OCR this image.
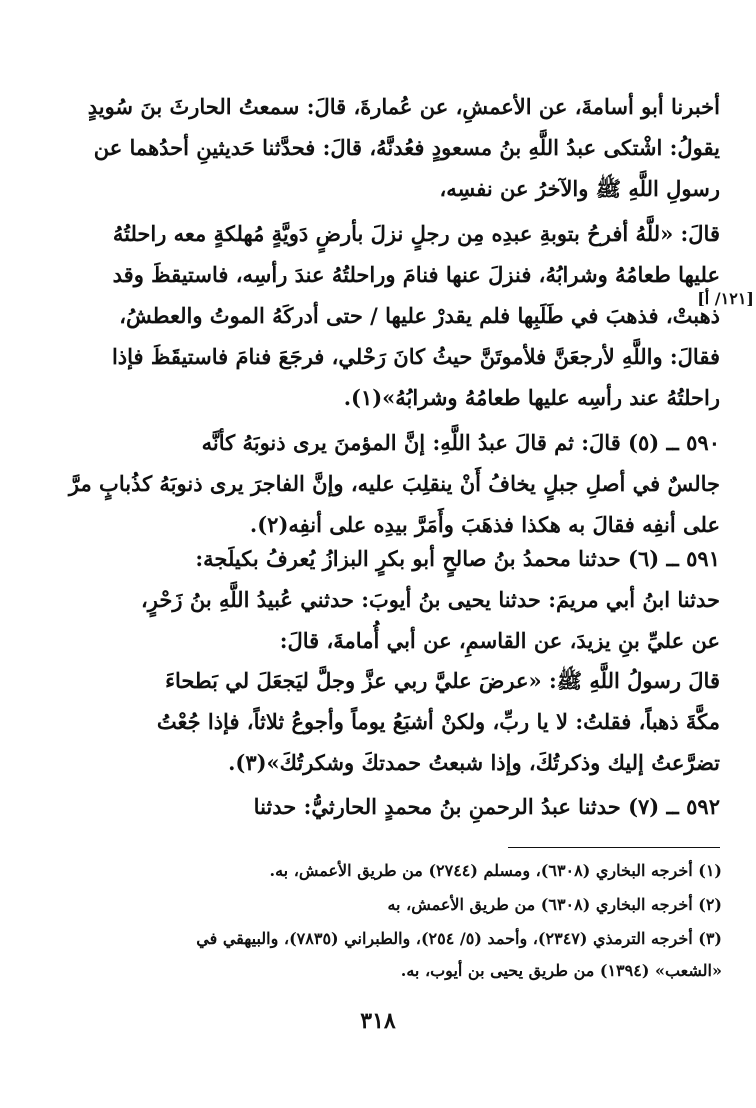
أخبرنا أبو أسامةَ، عن الأعمشِ، عن عُمارةَ، قالَ: سمعتُ الحارثَ بنَ سُويدٍ
يقولُ: اشْتكى عبدُ اللَّهِ بنُ مسعودٍ فعُدنَّهُ، قالَ: فحدَّثنا حَديثينِ أحدُهما عن
رسولِ اللَّهِ ﷺ والآخرُ عن نفسِه،
قالَ: «للَّهُ أفرحُ بتوبةِ عبدِه مِن رجلٍ نزلَ بأرضٍ دَويَّةٍ مُهلكةٍ معه راحلتُهُ
عليها طعامُهُ وشرابُهُ، فنزلَ عنها فنامَ وراحلتُهُ عندَ رأسِه، فاستيقظَ وقد
ذهبتْ، فذهبَ في طَلَبِها فلم يقدرْ عليها / حتى أدركَهُ الموتُ والعطشُ،
فقالَ: واللَّهِ لأرجعَنَّ فلأموتَنَّ حيثُ كانَ رَحْلي، فرجَعَ فنامَ فاستيقَظَ فإذا
راحلتُهُ عند رأسِه عليها طعامُهُ وشرابُهُ»(١).
[١٢١/ أ]
٥٩٠ ــ (٥) قالَ: ثم قالَ عبدُ اللَّهِ: إنَّ المؤمنَ يرى ذنوبَهُ كأنَّه
جالسٌ في أصلِ جبلٍ يخافُ أَنْ ينقلِبَ عليه، وإنَّ الفاجرَ يرى ذنوبَهُ كذُبابٍ مرَّ
على أنفِه فقالَ به هكذا فذهَبَ وأَمَرَّ بيدِه على أنفِه(٢).
٥٩١ ــ (٦) حدثنا محمدُ بنُ صالحٍ أبو بكرٍ البزازُ يُعرفُ بكيلَجة:
حدثنا ابنُ أبي مريمَ: حدثنا يحيى بنُ أيوبَ: حدثني عُبيدُ اللَّهِ بنُ زَحْرٍ،
عن عليِّ بنِ يزيدَ، عن القاسمِ، عن أبي أُمامةَ، قالَ:
قالَ رسولُ اللَّهِ ﷺ: «عرضَ عليَّ ربي عزَّ وجلَّ ليَجعَلَ لي بَطحاءَ
مكَّةَ ذهباً، فقلتُ: لا يا ربِّ، ولكنْ أشبَعُ يوماً وأجوعُ ثلاثاً، فإذا جُعْتُ
تضرَّعتُ إليك وذكرتُكَ، وإذا شبعتُ حمدتكَ وشكرتُكَ»(٣).
٥٩٢ ــ (٧) حدثنا عبدُ الرحمنِ بنُ محمدٍ الحارثيُّ: حدثنا
(١) أخرجه البخاري (٦٣٠٨)، ومسلم (٢٧٤٤) من طريق الأعمش، به.
(٢) أخرجه البخاري (٦٣٠٨) من طريق الأعمش، به
(٣) أخرجه الترمذي (٢٣٤٧)، وأحمد (٥/ ٢٥٤)، والطبراني (٧٨٣٥)، والبيهقي في
«الشعب» (١٣٩٤) من طريق يحيى بن أيوب، به.
٣١٨
